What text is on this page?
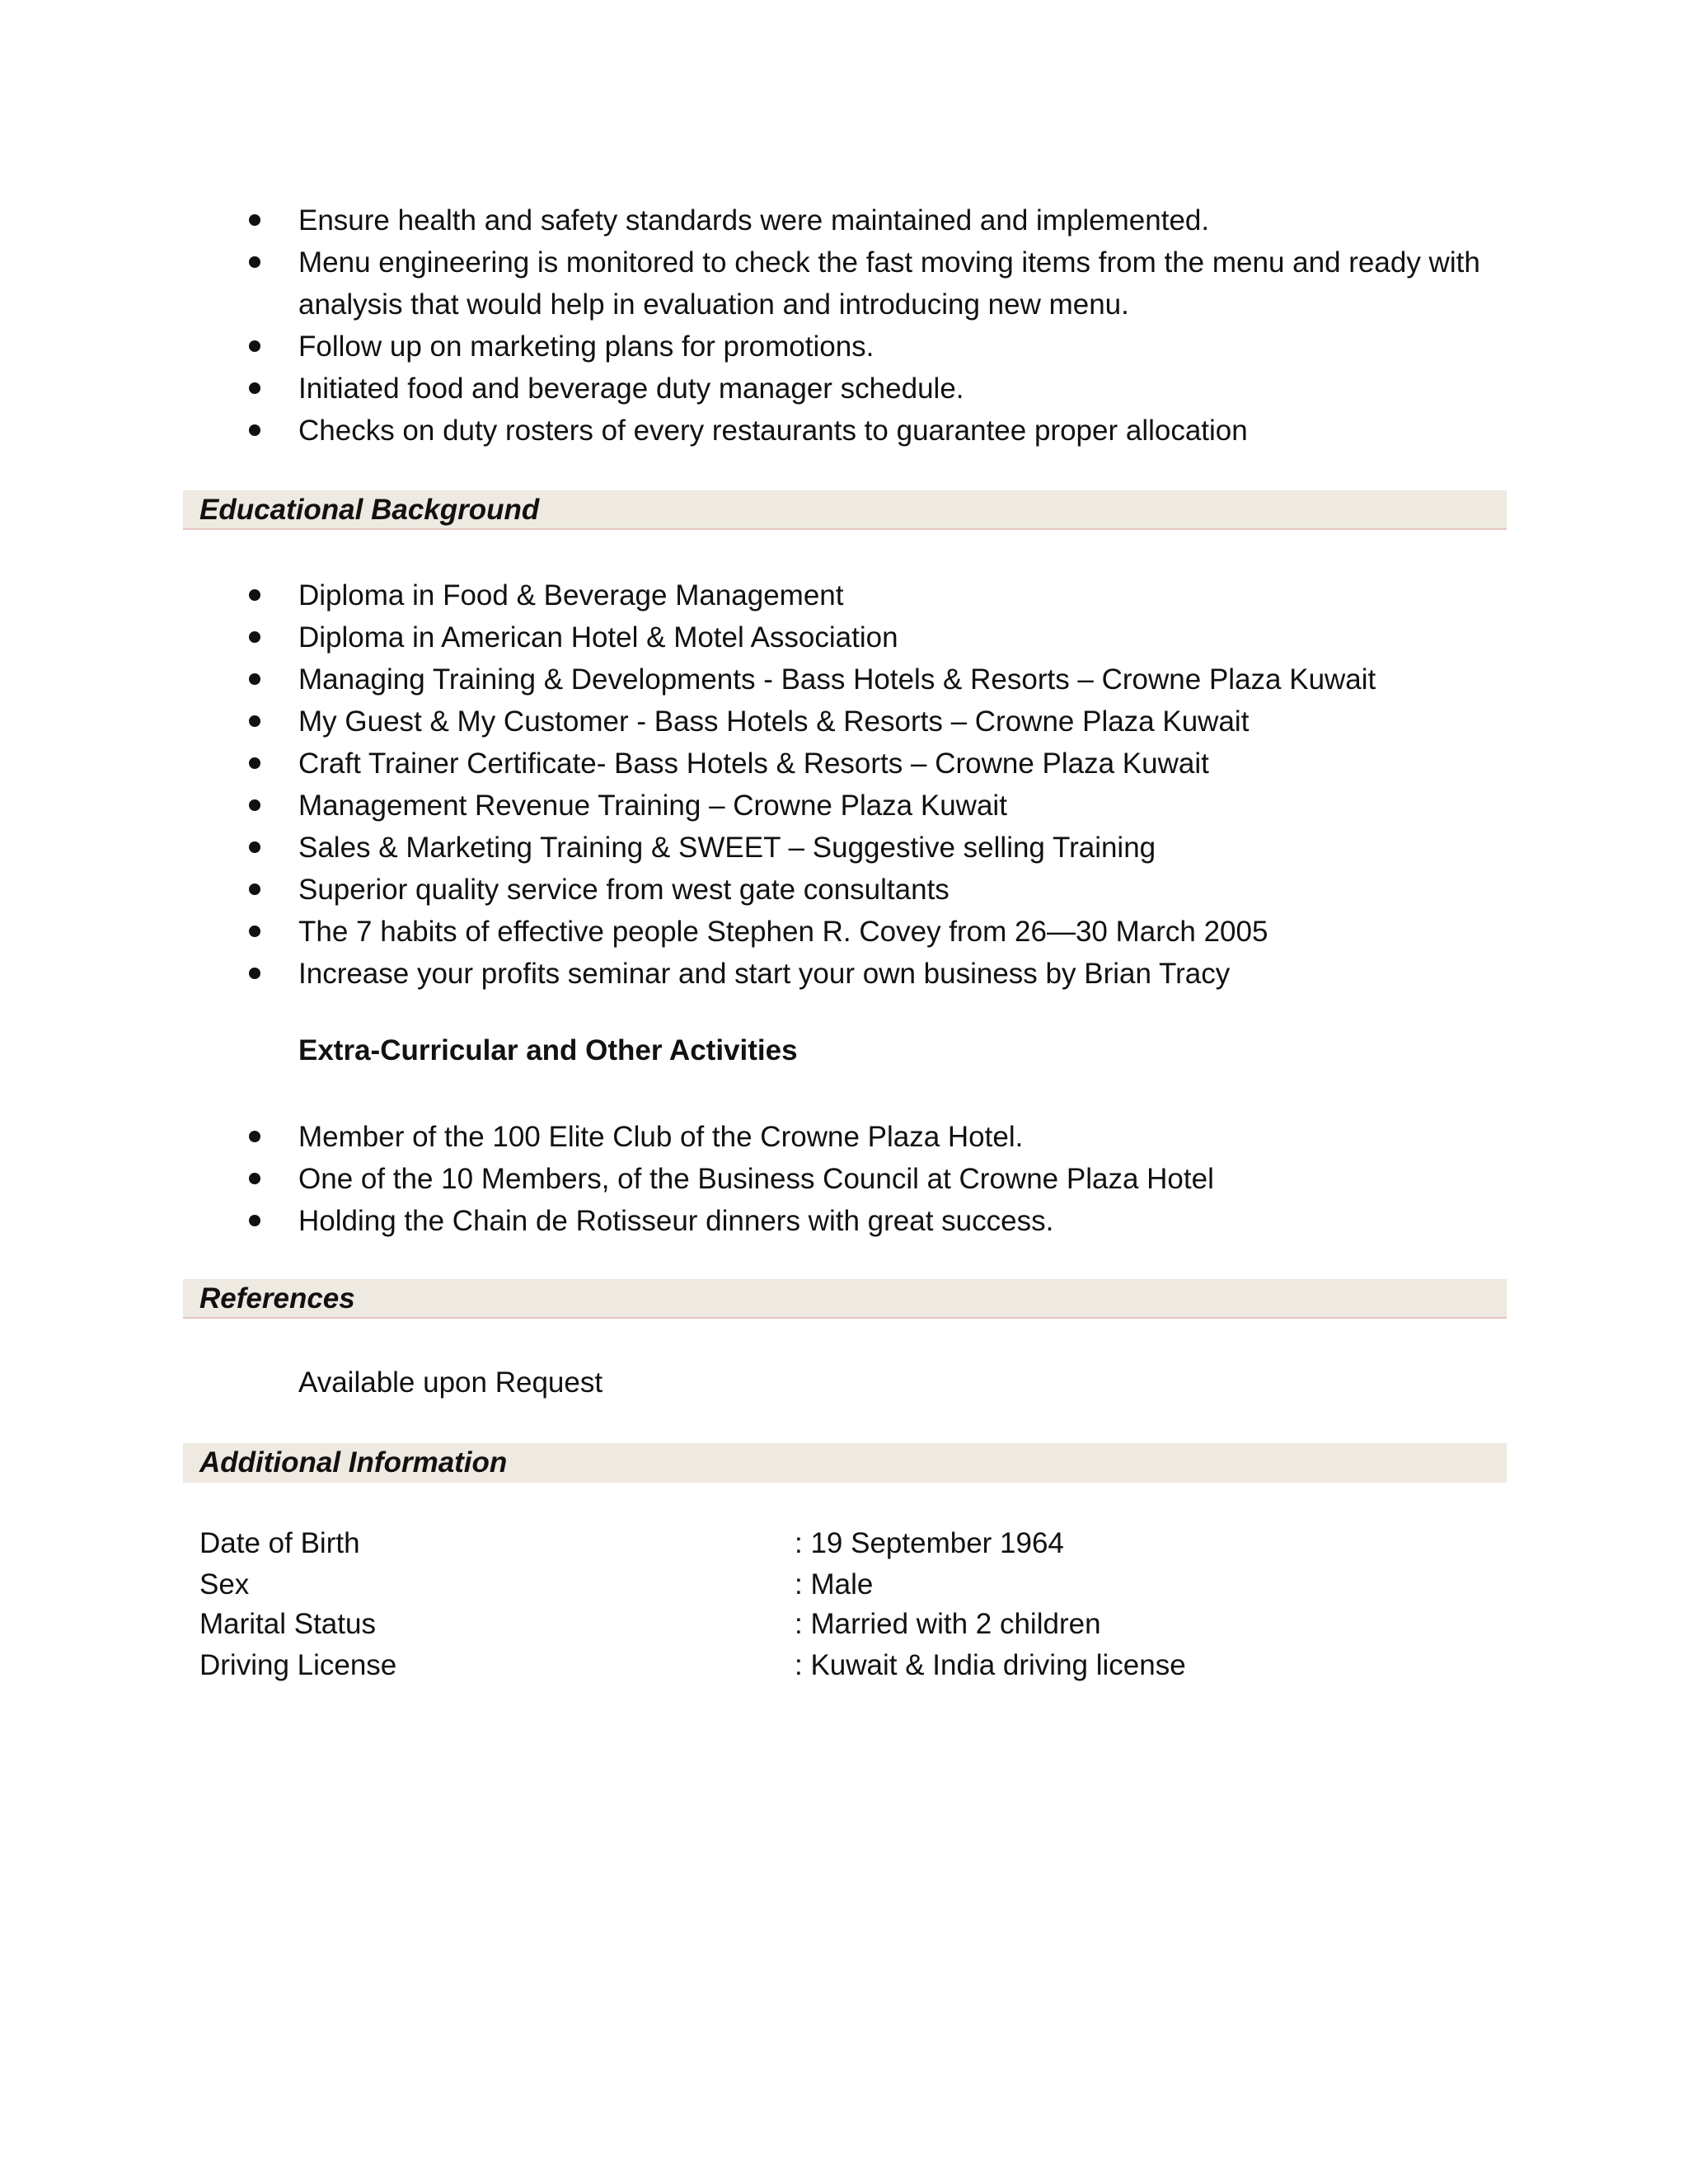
Ensure health and safety standards were maintained and implemented.
Menu engineering is monitored to check the fast moving items from the menu and ready with analysis that would help in evaluation and introducing new menu.
Follow up on marketing plans for promotions.
Initiated food and beverage duty manager schedule.
Checks on duty rosters of every restaurants to guarantee proper allocation
Educational Background
Diploma in Food & Beverage Management
Diploma in American Hotel & Motel Association
Managing Training & Developments - Bass Hotels & Resorts – Crowne Plaza Kuwait
My Guest & My Customer - Bass Hotels & Resorts – Crowne Plaza Kuwait
Craft Trainer Certificate- Bass Hotels & Resorts – Crowne Plaza Kuwait
Management Revenue Training – Crowne Plaza Kuwait
Sales & Marketing Training & SWEET – Suggestive selling Training
Superior quality service from west gate consultants
The 7 habits of effective people Stephen R. Covey from 26—30 March 2005
Increase your profits seminar and start your own business by Brian Tracy
Extra-Curricular and Other Activities
Member of the 100 Elite Club of the Crowne Plaza Hotel.
One of the 10 Members, of the Business Council at Crowne Plaza Hotel
Holding the Chain de Rotisseur dinners with great success.
References
Available upon Request
Additional Information
Date of Birth	: 19 September 1964
Sex	: Male
Marital Status	: Married with 2 children
Driving License	: Kuwait & India driving license
